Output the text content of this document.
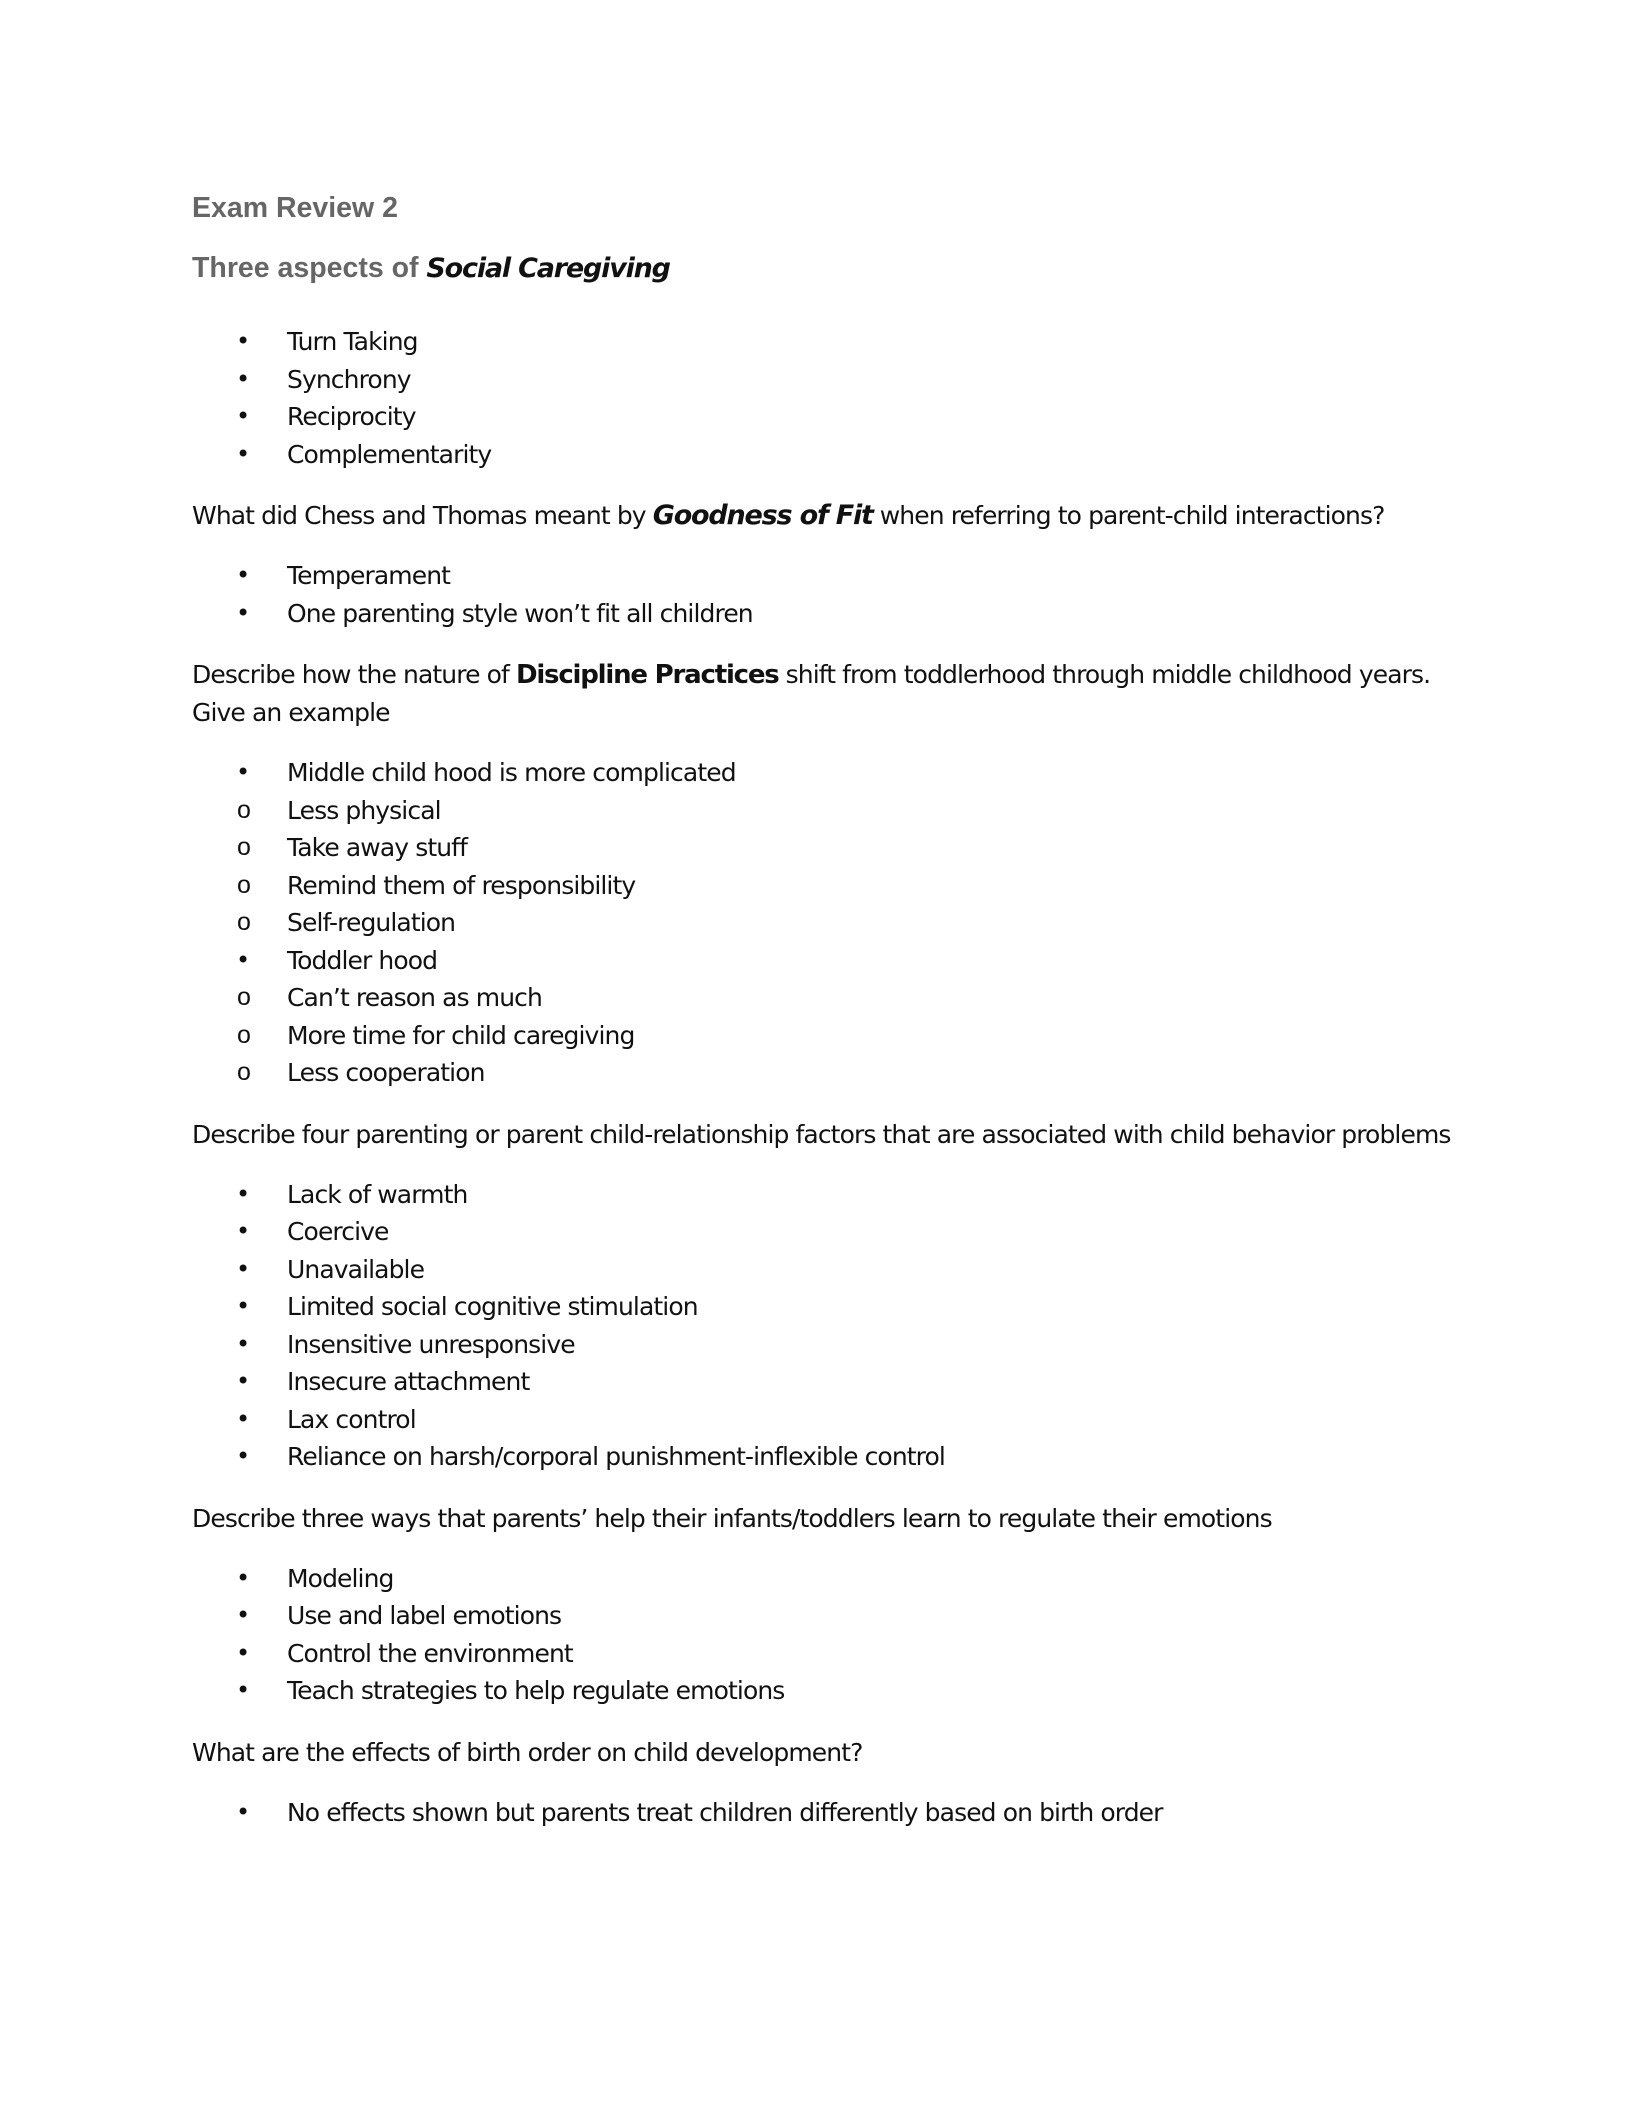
Exam Review 2
Three aspects of Social Caregiving
• Turn Taking
• Synchrony
• Reciprocity
• Complementarity

What did Chess and Thomas meant by Goodness of Fit when referring to parent-child interactions?

• Temperament
• One parenting style won’t fit all children

Describe how the nature of Discipline Practices shift from toddlerhood through middle childhood years. Give an example

• Middle child hood is more complicated
o Less physical
o Take away stuff
o Remind them of responsibility
o Self-regulation
• Toddler hood
o Can’t reason as much
o More time for child caregiving
o Less cooperation

Describe four parenting or parent child-relationship factors that are associated with child behavior problems

• Lack of warmth
• Coercive
• Unavailable
• Limited social cognitive stimulation
• Insensitive unresponsive
• Insecure attachment
• Lax control
• Reliance on harsh/corporal punishment-inflexible control

Describe three ways that parents’ help their infants/toddlers learn to regulate their emotions

• Modeling
• Use and label emotions
• Control the environment
• Teach strategies to help regulate emotions

What are the effects of birth order on child development?

• No effects shown but parents treat children differently based on birth order
